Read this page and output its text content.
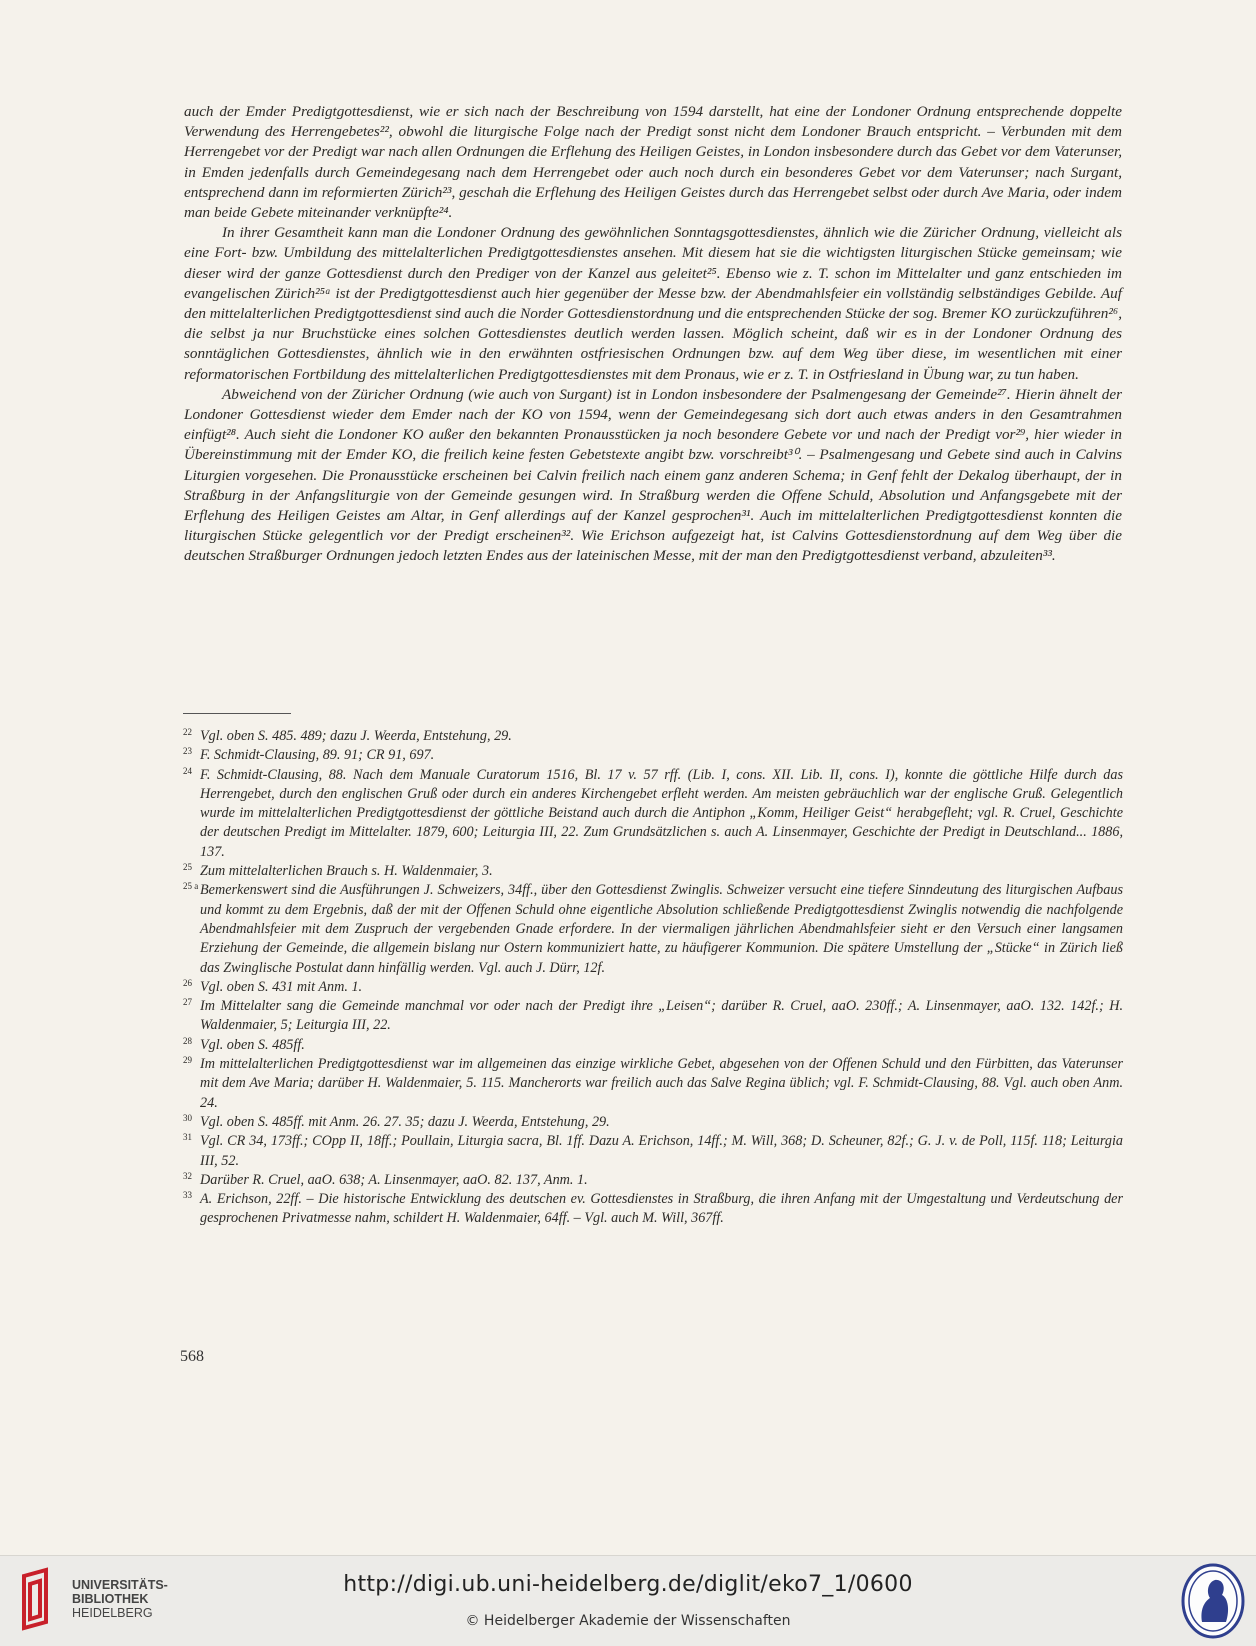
auch der Emder Predigtgottesdienst, wie er sich nach der Beschreibung von 1594 darstellt, hat eine der Londoner Ordnung entsprechende doppelte Verwendung des Herrengebetes²², obwohl die liturgische Folge nach der Predigt sonst nicht dem Londoner Brauch entspricht. – Verbunden mit dem Herrengebet vor der Predigt war nach allen Ordnungen die Erflehung des Heiligen Geistes, in London insbesondere durch das Gebet vor dem Vaterunser, in Emden jedenfalls durch Gemeindegesang nach dem Herrengebet oder auch noch durch ein besonderes Gebet vor dem Vaterunser; nach Surgant, entsprechend dann im reformierten Zürich²³, geschah die Erflehung des Heiligen Geistes durch das Herrengebet selbst oder durch Ave Maria, oder indem man beide Gebete miteinander verknüpfte²⁴.

In ihrer Gesamtheit kann man die Londoner Ordnung des gewöhnlichen Sonntagsgottesdienstes, ähnlich wie die Züricher Ordnung, vielleicht als eine Fort- bzw. Umbildung des mittelalterlichen Predigtgottesdienstes ansehen. Mit diesem hat sie die wichtigsten liturgischen Stücke gemeinsam; wie dieser wird der ganze Gottesdienst durch den Prediger von der Kanzel aus geleitet²⁵. Ebenso wie z. T. schon im Mittelalter und ganz entschieden im evangelischen Zürich²⁵ᵃ ist der Predigtgottesdienst auch hier gegenüber der Messe bzw. der Abendmahlsfeier ein vollständig selbständiges Gebilde. Auf den mittelalterlichen Predigtgottesdienst sind auch die Norder Gottesdienstordnung und die entsprechenden Stücke der sog. Bremer KO zurückzuführen²⁶, die selbst ja nur Bruchstücke eines solchen Gottesdienstes deutlich werden lassen. Möglich scheint, daß wir es in der Londoner Ordnung des sonntäglichen Gottesdienstes, ähnlich wie in den erwähnten ostfriesischen Ordnungen bzw. auf dem Weg über diese, im wesentlichen mit einer reformatorischen Fortbildung des mittelalterlichen Predigtgottesdienstes mit dem Pronaus, wie er z. T. in Ostfriesland in Übung war, zu tun haben.

Abweichend von der Züricher Ordnung (wie auch von Surgant) ist in London insbesondere der Psalmengesang der Gemeinde²⁷. Hierin ähnelt der Londoner Gottesdienst wieder dem Emder nach der KO von 1594, wenn der Gemeindegesang sich dort auch etwas anders in den Gesamtrahmen einfügt²⁸. Auch sieht die Londoner KO außer den bekannten Pronausstücken ja noch besondere Gebete vor und nach der Predigt vor²⁹, hier wieder in Übereinstimmung mit der Emder KO, die freilich keine festen Gebetstexte angibt bzw. vorschreibt³⁰. – Psalmengesang und Gebete sind auch in Calvins Liturgien vorgesehen. Die Pronausstücke erscheinen bei Calvin freilich nach einem ganz anderen Schema; in Genf fehlt der Dekalog überhaupt, der in Straßburg in der Anfangsliturgie von der Gemeinde gesungen wird. In Straßburg werden die Offene Schuld, Absolution und Anfangsgebete mit der Erflehung des Heiligen Geistes am Altar, in Genf allerdings auf der Kanzel gesprochen³¹. Auch im mittelalterlichen Predigtgottesdienst konnten die liturgischen Stücke gelegentlich vor der Predigt erscheinen³². Wie Erichson aufgezeigt hat, ist Calvins Gottesdienstordnung auf dem Weg über die deutschen Straßburger Ordnungen jedoch letzten Endes aus der lateinischen Messe, mit der man den Predigtgottesdienst verband, abzuleiten³³.

22 Vgl. oben S. 485. 489; dazu J. Weerda, Entstehung, 29.
23 F. Schmidt-Clausing, 89. 91; CR 91, 697.
24 F. Schmidt-Clausing, 88. Nach dem Manuale Curatorum 1516, Bl. 17 v. 57 rff. (Lib. I, cons. XII. Lib. II, cons. I), konnte die göttliche Hilfe durch das Herrengebet, durch den englischen Gruß oder durch ein anderes Kirchengebet erfleht werden. Am meisten gebräuchlich war der englische Gruß. Gelegentlich wurde im mittelalterlichen Predigtgottesdienst der göttliche Beistand auch durch die Antiphon „Komm, Heiliger Geist“ herabgefleht; vgl. R. Cruel, Geschichte der deutschen Predigt im Mittelalter. 1879, 600; Leiturgia III, 22. Zum Grundsätzlichen s. auch A. Linsenmayer, Geschichte der Predigt in Deutschland... 1886, 137.
25 Zum mittelalterlichen Brauch s. H. Waldenmaier, 3.
25 a Bemerkenswert sind die Ausführungen J. Schweizers, 34ff., über den Gottesdienst Zwinglis. Schweizer versucht eine tiefere Sinndeutung des liturgischen Aufbaus und kommt zu dem Ergebnis, daß der mit der Offenen Schuld ohne eigentliche Absolution schließende Predigtgottesdienst Zwinglis notwendig die nachfolgende Abendmahlsfeier mit dem Zuspruch der vergebenden Gnade erfordere. In der viermaligen jährlichen Abendmahlsfeier sieht er den Versuch einer langsamen Erziehung der Gemeinde, die allgemein bislang nur Ostern kommuniziert hatte, zu häufigerer Kommunion. Die spätere Umstellung der „Stücke“ in Zürich ließ das Zwinglische Postulat dann hinfällig werden. Vgl. auch J. Dürr, 12f.
26 Vgl. oben S. 431 mit Anm. 1.
27 Im Mittelalter sang die Gemeinde manchmal vor oder nach der Predigt ihre „Leisen“; darüber R. Cruel, aaO. 230ff.; A. Linsenmayer, aaO. 132. 142f.; H. Waldenmaier, 5; Leiturgia III, 22.
28 Vgl. oben S. 485ff.
29 Im mittelalterlichen Predigtgottesdienst war im allgemeinen das einzige wirkliche Gebet, abgesehen von der Offenen Schuld und den Fürbitten, das Vaterunser mit dem Ave Maria; darüber H. Waldenmaier, 5. 115. Mancherorts war freilich auch das Salve Regina üblich; vgl. F. Schmidt-Clausing, 88. Vgl. auch oben Anm. 24.
30 Vgl. oben S. 485ff. mit Anm. 26. 27. 35; dazu J. Weerda, Entstehung, 29.
31 Vgl. CR 34, 173ff.; COpp II, 18ff.; Poullain, Liturgia sacra, Bl. 1ff. Dazu A. Erichson, 14ff.; M. Will, 368; D. Scheuner, 82f.; G. J. v. de Poll, 115f. 118; Leiturgia III, 52.
32 Darüber R. Cruel, aaO. 638; A. Linsenmayer, aaO. 82. 137, Anm. 1.
33 A. Erichson, 22ff. – Die historische Entwicklung des deutschen ev. Gottesdienstes in Straßburg, die ihren Anfang mit der Umgestaltung und Verdeutschung der gesprochenen Privatmesse nahm, schildert H. Waldenmaier, 64ff. – Vgl. auch M. Will, 367ff.
568
UNIVERSITÄTS-
BIBLIOTHEK
HEIDELBERG
http://digi.ub.uni-heidelberg.de/diglit/eko7_1/0600
© Heidelberger Akademie der Wissenschaften
